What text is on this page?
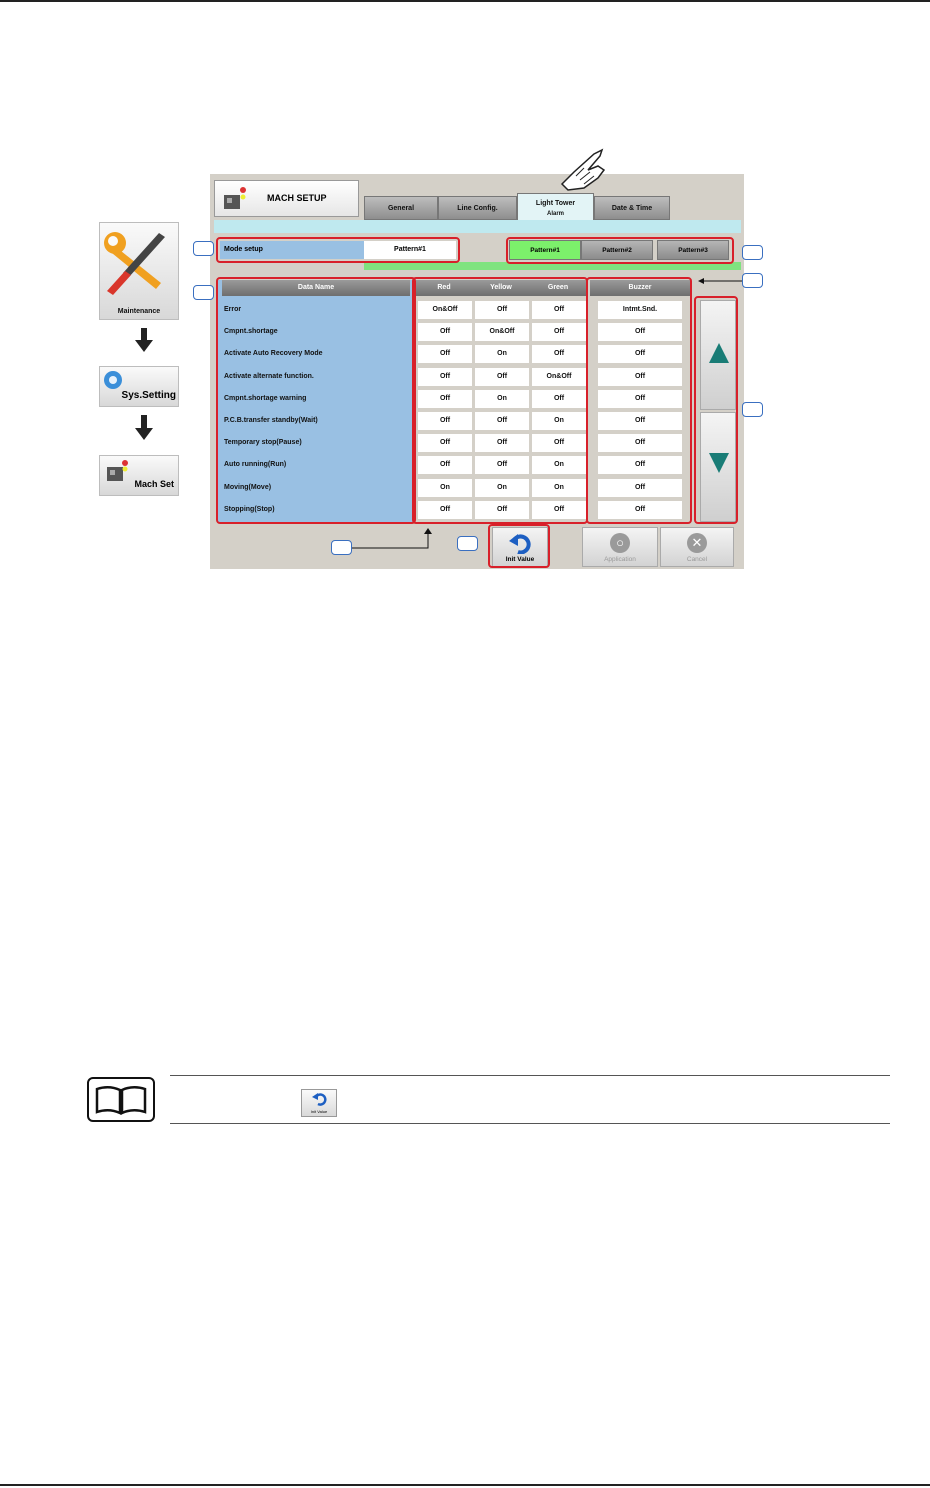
Maintenance
Sys.Setting
Mach Set
MACH SETUP
General	Line Config.
Light Tower
Alarm
Date & Time
Mode setup	Pattern#1	Pattern#1	Pattern#2	Pattern#3
Data Name	Red	Yellow	Green	Buzzer
Error	On&Off	Off	Off	Intmt.Snd.
Cmpnt.shortage	Off	On&Off	Off	Off
Activate Auto Recovery Mode	Off	On	Off	Off
Activate alternate function.	Off	Off	On&Off	Off
Cmpnt.shortage warning	Off	On	Off	Off
P.C.B.transfer standby(Wait)	Off	Off	On	Off
Temporary stop(Pause)	Off	Off	Off	Off
Auto running(Run)	Off	Off	On	Off
Moving(Move)	On	On	On	Off
Stopping(Stop)	Off	Off	Off	Off
Init Value
○
Application
✕
Cancel
Init Value
